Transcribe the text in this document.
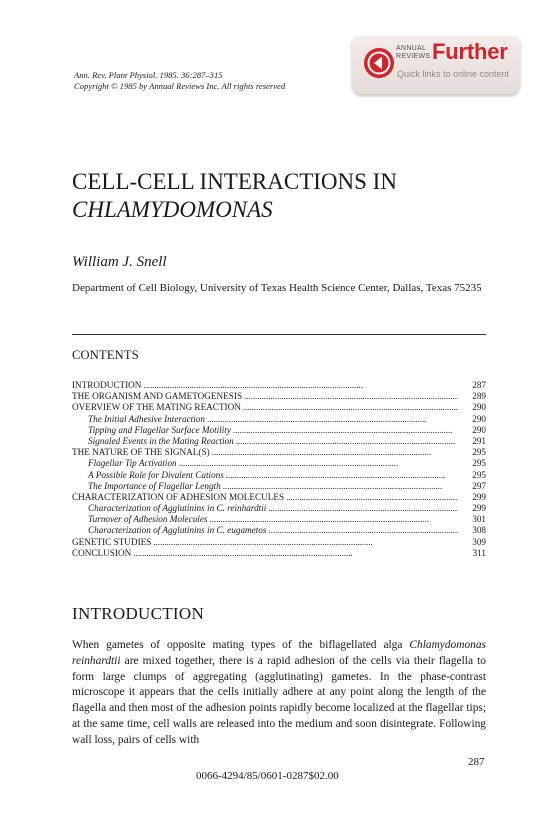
Ann. Rev. Plant Physiol. 1985. 36:287–315
Copyright © 1985 by Annual Reviews Inc. All rights reserved
ANNUAL
REVIEWS Further
Quick links to online content
CELL-CELL INTERACTIONS IN
CHLAMYDOMONAS
William J. Snell
Department of Cell Biology, University of Texas Health Science Center, Dallas, Texas 75235
CONTENTS
INTRODUCTION . . .	287
THE ORGANISM AND GAMETOGENESIS . . .	289
OVERVIEW OF THE MATING REACTION . . .	290
The Initial Adhesive Interaction . . .	290
Tipping and Flagellar Surface Motility . . .	290
Signaled Events in the Mating Reaction . . .	291
THE NATURE OF THE SIGNAL(S) . . .	295
Flagellar Tip Activation . . .	295
A Possible Role for Divalent Cations . . .	295
The Importance of Flagellar Length . . .	297
CHARACTERIZATION OF ADHESION MOLECULES . . .	299
Characterization of Agglutinins in C. reinhardtii . . .	299
Turnover of Adhesion Molecules . . .	301
Characterization of Agglutinins in C. eugametos . . .	308
GENETIC STUDIES . . .	309
CONCLUSION . . .	311
INTRODUCTION
When gametes of opposite mating types of the biflagellated alga Chlamydomonas reinhardtii are mixed together, there is a rapid adhesion of the cells via their flagella to form large clumps of aggregating (agglutinating) gametes. In the phase-contrast microscope it appears that the cells initially adhere at any point along the length of the flagella and then most of the adhesion points rapidly become localized at the flagellar tips; at the same time, cell walls are released into the medium and soon disintegrate. Following wall loss, pairs of cells with
287
0066-4294/85/0601-0287$02.00
